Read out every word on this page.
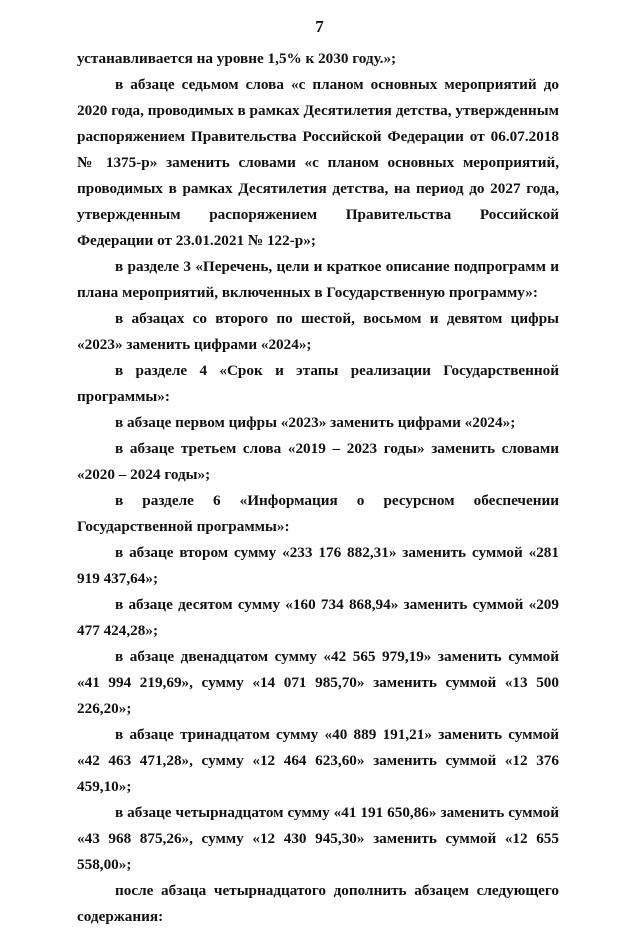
7

устанавливается на уровне 1,5% к 2030 году.»;

в абзаце седьмом слова «с планом основных мероприятий до 2020 года, проводимых в рамках Десятилетия детства, утвержденным распоряжением Правительства Российской Федерации от 06.07.2018 № 1375-р» заменить словами «с планом основных мероприятий, проводимых в рамках Десятилетия детства, на период до 2027 года, утвержденным распоряжением Правительства Российской Федерации от 23.01.2021 № 122-р»;

в разделе 3 «Перечень, цели и краткое описание подпрограмм и плана мероприятий, включенных в Государственную программу»:

в абзацах со второго по шестой, восьмом и девятом цифры «2023» заменить цифрами «2024»;

в разделе 4 «Срок и этапы реализации Государственной программы»:

в абзаце первом цифры «2023» заменить цифрами «2024»;

в абзаце третьем слова «2019 – 2023 годы» заменить словами «2020 – 2024 годы»;

в разделе 6 «Информация о ресурсном обеспечении Государственной программы»:

в абзаце втором сумму «233 176 882,31» заменить суммой «281 919 437,64»;

в абзаце десятом сумму «160 734 868,94» заменить суммой «209 477 424,28»;

в абзаце двенадцатом сумму «42 565 979,19» заменить суммой «41 994 219,69», сумму «14 071 985,70» заменить суммой «13 500 226,20»;

в абзаце тринадцатом сумму «40 889 191,21» заменить суммой «42 463 471,28», сумму «12 464 623,60» заменить суммой «12 376 459,10»;

в абзаце четырнадцатом сумму «41 191 650,86» заменить суммой «43 968 875,26», сумму «12 430 945,30» заменить суммой «12 655 558,00»;

после абзаца четырнадцатого дополнить абзацем следующего содержания:
